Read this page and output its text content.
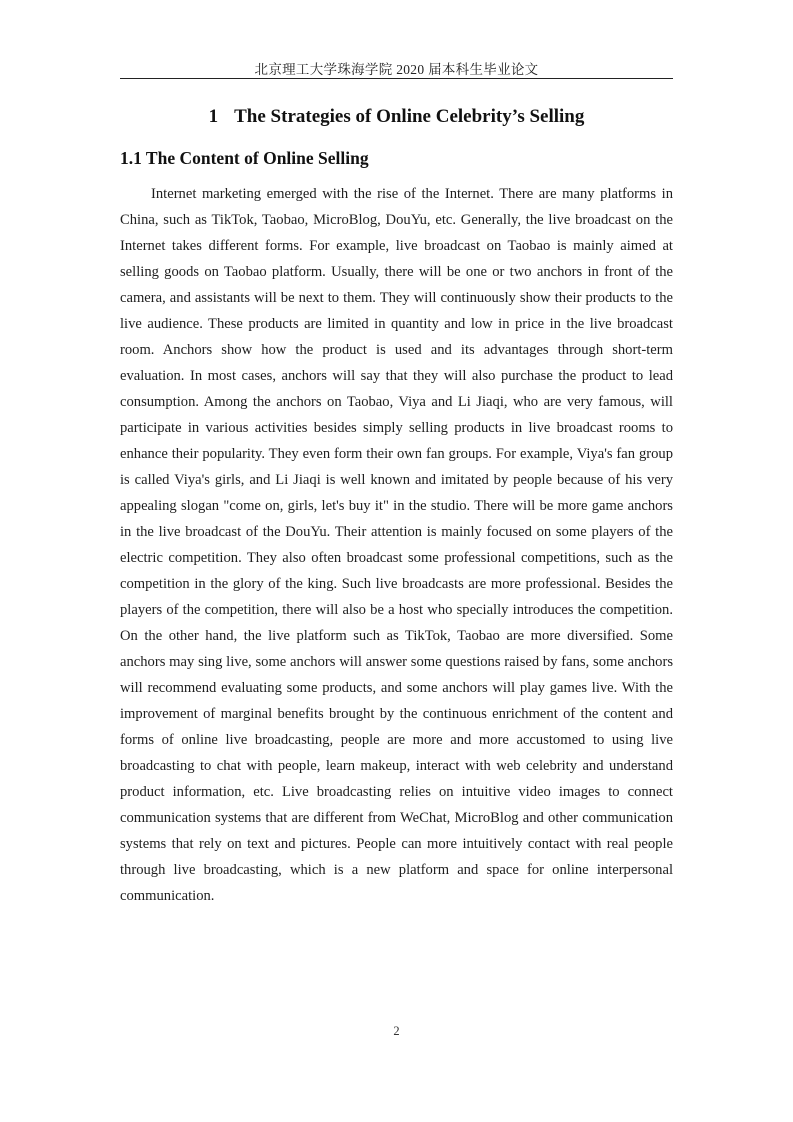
北京理工大学珠海学院 2020 届本科生毕业论文
1 The Strategies of Online Celebrity’s Selling
1.1 The Content of Online Selling

Internet marketing emerged with the rise of the Internet. There are many platforms in China, such as TikTok, Taobao, MicroBlog, DouYu, etc. Generally, the live broadcast on the Internet takes different forms. For example, live broadcast on Taobao is mainly aimed at selling goods on Taobao platform. Usually, there will be one or two anchors in front of the camera, and assistants will be next to them. They will continuously show their products to the live audience. These products are limited in quantity and low in price in the live broadcast room. Anchors show how the product is used and its advantages through short-term evaluation. In most cases, anchors will say that they will also purchase the product to lead consumption. Among the anchors on Taobao, Viya and Li Jiaqi, who are very famous, will participate in various activities besides simply selling products in live broadcast rooms to enhance their popularity. They even form their own fan groups. For example, Viya's fan group is called Viya's girls, and Li Jiaqi is well known and imitated by people because of his very appealing slogan "come on, girls, let's buy it" in the studio. There will be more game anchors in the live broadcast of the DouYu. Their attention is mainly focused on some players of the electric competition. They also often broadcast some professional competitions, such as the competition in the glory of the king. Such live broadcasts are more professional. Besides the players of the competition, there will also be a host who specially introduces the competition. On the other hand, the live platform such as TikTok, Taobao are more diversified. Some anchors may sing live, some anchors will answer some questions raised by fans, some anchors will recommend evaluating some products, and some anchors will play games live. With the improvement of marginal benefits brought by the continuous enrichment of the content and forms of online live broadcasting, people are more and more accustomed to using live broadcasting to chat with people, learn makeup, interact with web celebrity and understand product information, etc. Live broadcasting relies on intuitive video images to connect communication systems that are different from WeChat, MicroBlog and other communication systems that rely on text and pictures. People can more intuitively contact with real people through live broadcasting, which is a new platform and space for online interpersonal communication.

2
